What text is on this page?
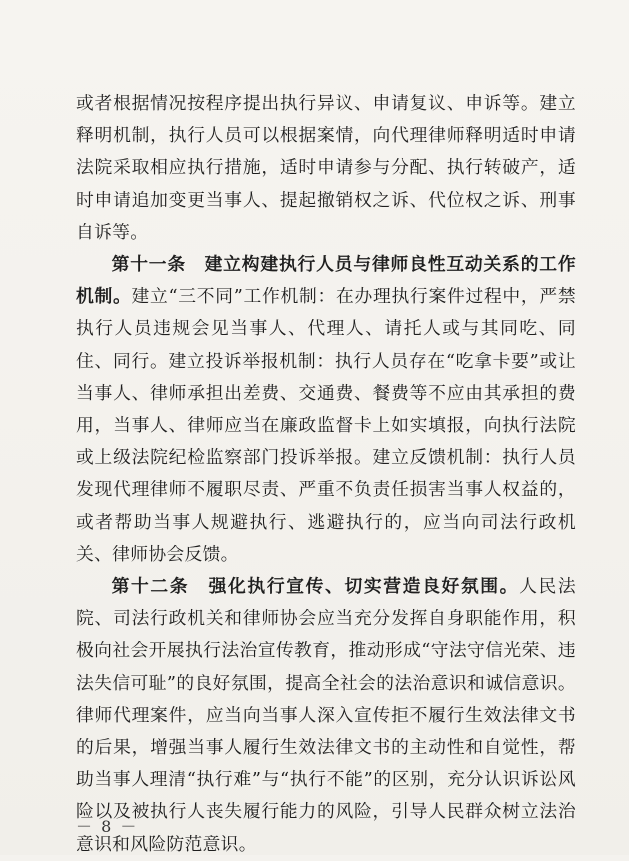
或者根据情况按程序提出执行异议、申请复议、申诉等。建立释明机制，执行人员可以根据案情，向代理律师释明适时申请法院采取相应执行措施，适时申请参与分配、执行转破产，适时申请追加变更当事人、提起撤销权之诉、代位权之诉、刑事自诉等。

第十一条　建立构建执行人员与律师良性互动关系的工作机制。建立“三不同”工作机制：在办理执行案件过程中，严禁执行人员违规会见当事人、代理人、请托人或与其同吃、同住、同行。建立投诉举报机制：执行人员存在“吃拿卡要”或让当事人、律师承担出差费、交通费、餐费等不应由其承担的费用，当事人、律师应当在廉政监督卡上如实填报，向执行法院或上级法院纪检监察部门投诉举报。建立反馈机制：执行人员发现代理律师不履职尽责、严重不负责任损害当事人权益的，或者帮助当事人规避执行、逃避执行的，应当向司法行政机关、律师协会反馈。

第十二条　强化执行宣传、切实营造良好氛围。人民法院、司法行政机关和律师协会应当充分发挥自身职能作用，积极向社会开展执行法治宣传教育，推动形成“守法守信光荣、违法失信可耻”的良好氛围，提高全社会的法治意识和诚信意识。律师代理案件，应当向当事人深入宣传拒不履行生效法律文书的后果，增强当事人履行生效法律文书的主动性和自觉性，帮助当事人理清“执行难”与“执行不能”的区别，充分认识诉讼风险以及被执行人丧失履行能力的风险，引导人民群众树立法治意识和风险防范意识。

－ 8 －
